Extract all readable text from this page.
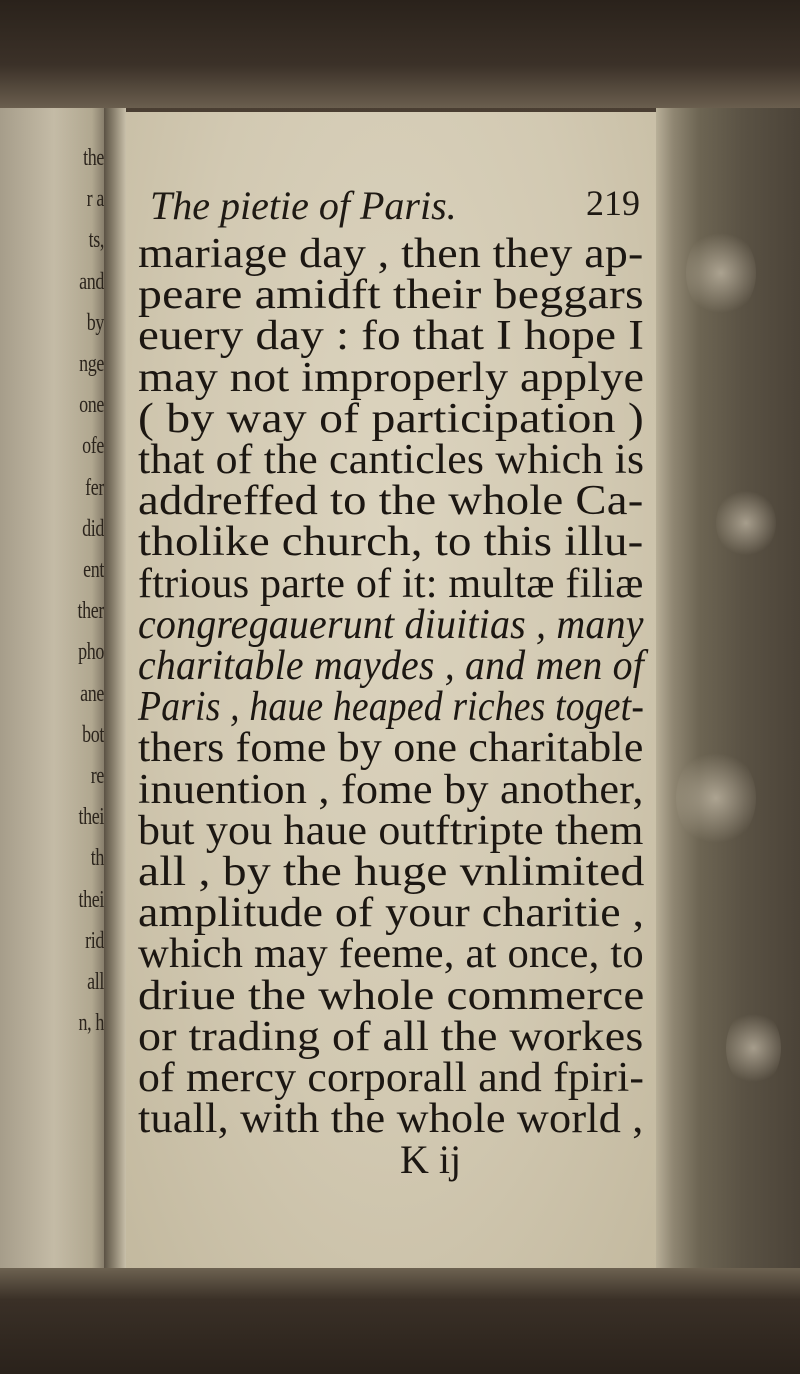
the
r a
ts,
and
by
nge
one
ofe
fer
did
ent
ther
pho
ane
bot
re
thei
th
thei
rid
all
n, h
The pietie of Paris.	219
mariage day , then they ap-
peare amidft their beggars
euery day : fo that I hope I
may not improperly applye
( by way of participation )
that of the canticles which is
addreffed to the whole Ca-
tholike church, to this illu-
ftrious parte of it: multæ filiæ
congregauerunt diuitias , many
charitable maydes , and men of
Paris , haue heaped riches toget-
thers fome by one charitable
inuention , fome by another,
but you haue outftripte them
all , by the huge vnlimited
amplitude of your charitie ,
which may feeme, at once, to
driue the whole commerce
or trading of all the workes
of mercy corporall and fpiri-
tuall, with the whole world ,
K ij
